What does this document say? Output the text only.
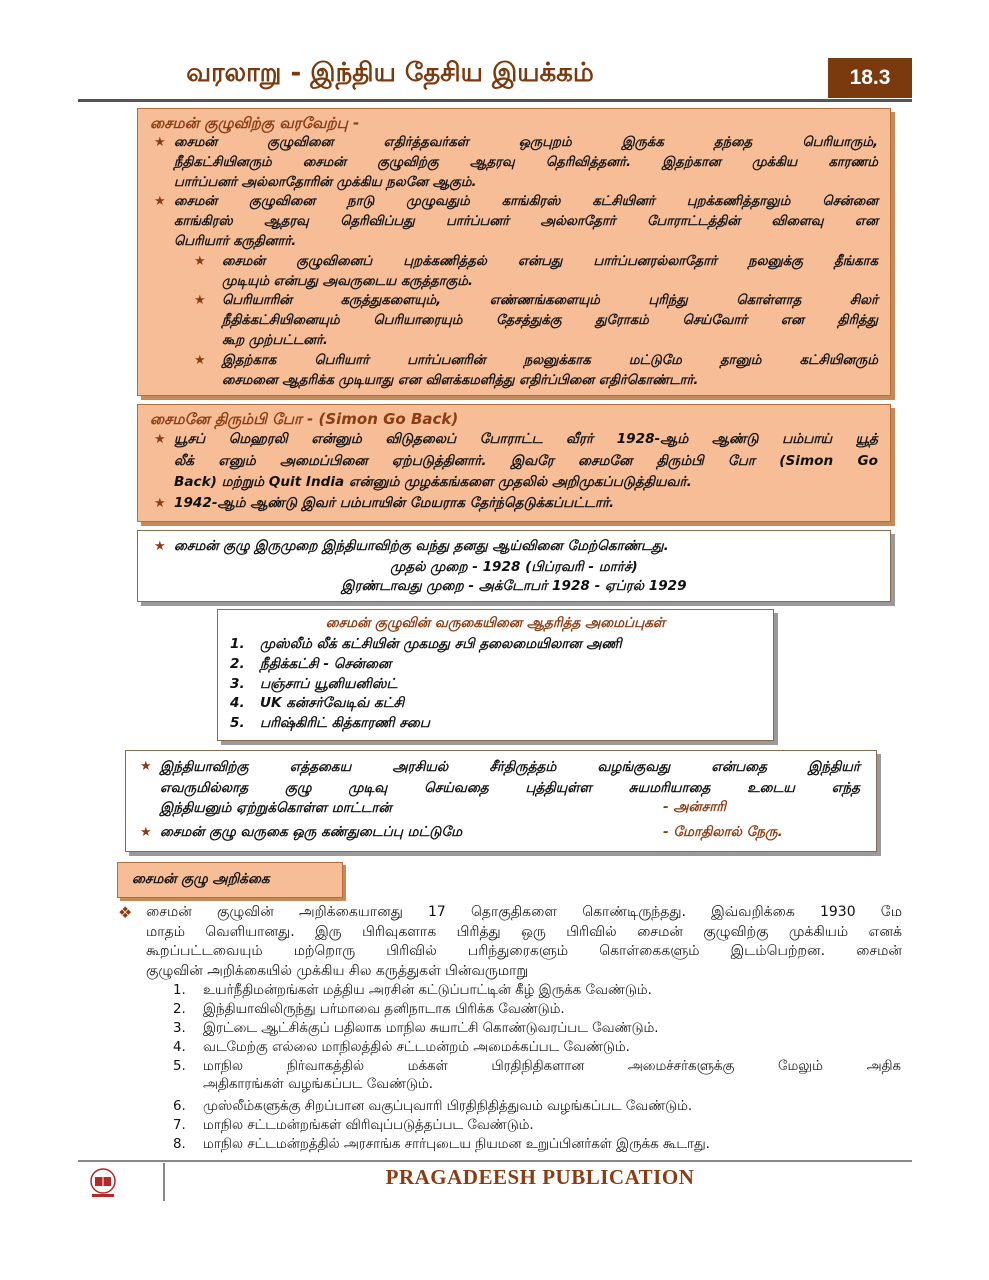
வரலாறு - இந்திய தேசிய இயக்கம்	18.3
சைமன் குழுவிற்கு வரவேற்பு -
★ சைமன் குழுவினை எதிர்த்தவர்கள் ஒருபுறம் இருக்க தந்தை பெரியாரும்,
நீதிகட்சியினரும் சைமன் குழுவிற்கு ஆதரவு தெரிவித்தனர். இதற்கான முக்கிய காரணம்
பார்ப்பனர் அல்லாதோரின் முக்கிய நலனே ஆகும்.
★ சைமன் குழுவினை நாடு முழுவதும் காங்கிரஸ் கட்சியினர் புறக்கணித்தாலும் சென்னை
காங்கிரஸ் ஆதரவு தெரிவிப்பது பார்ப்பனர் அல்லாதோர் போராட்டத்தின் விளைவு என
பெரியார் கருதினார்.
★ சைமன் குழுவினைப் புறக்கணித்தல் என்பது பார்ப்பனரல்லாதோர் நலனுக்கு தீங்காக
முடியும் என்பது அவருடைய கருத்தாகும்.
★ பெரியாரின் கருத்துகளையும், எண்ணங்களையும் புரிந்து கொள்ளாத சிலர்
நீதிக்கட்சியினையும் பெரியாரையும் தேசத்துக்கு துரோகம் செய்வோர் என திரித்து
கூற முற்பட்டனர்.
★ இதற்காக பெரியார் பார்ப்பனரின் நலனுக்காக மட்டுமே தானும் கட்சியினரும்
சைமனை ஆதரிக்க முடியாது என விளக்கமளித்து எதிர்ப்பினை எதிர்கொண்டார்.
சைமனே திரும்பி போ - (Simon Go Back)
★ யூசப் மெஹரலி என்னும் விடுதலைப் போராட்ட வீரர் 1928-ஆம் ஆண்டு பம்பாய் யூத்
லீக் எனும் அமைப்பினை ஏற்படுத்தினார். இவரே சைமனே திரும்பி போ (Simon Go
Back) மற்றும் Quit India என்னும் முழக்கங்களை முதலில் அறிமுகப்படுத்தியவர்.
★ 1942-ஆம் ஆண்டு இவர் பம்பாயின் மேயராக தேர்ந்தெடுக்கப்பட்டார்.
★ சைமன் குழு இருமுறை இந்தியாவிற்கு வந்து தனது ஆய்வினை மேற்கொண்டது.
முதல் முறை - 1928 (பிப்ரவரி - மார்ச்)
இரண்டாவது முறை - அக்டோபர் 1928 - ஏப்ரல் 1929
சைமன் குழுவின் வருகையினை ஆதரித்த அமைப்புகள்
1. முஸ்லீம் லீக் கட்சியின் முகமது சபி தலைமையிலான அணி
2. நீதிக்கட்சி - சென்னை
3. பஞ்சாப் யூனியனிஸ்ட்
4. UK கன்சர்வேடிவ் கட்சி
5. பரிஷ்கிரிட் கித்காரணி சபை
★ இந்தியாவிற்கு எத்தகைய அரசியல் சீர்திருத்தம் வழங்குவது என்பதை இந்தியர்
எவருமில்லாத குழு முடிவு செய்வதை புத்தியுள்ள சுயமரியாதை உடைய எந்த
இந்தியனும் ஏற்றுக்கொள்ள மாட்டான்	- அன்சாரி
★ சைமன் குழு வருகை ஒரு கண்துடைப்பு மட்டுமே	- மோதிலால் நேரு.
சைமன் குழு அறிக்கை
❖ சைமன் குழுவின் அறிக்கையானது 17 தொகுதிகளை கொண்டிருந்தது. இவ்வறிக்கை 1930 மே
மாதம் வெளியானது. இரு பிரிவுகளாக பிரித்து ஒரு பிரிவில் சைமன் குழுவிற்கு முக்கியம் எனக்
கூறப்பட்டவையும் மற்றொரு பிரிவில் பரிந்துரைகளும் கொள்கைகளும் இடம்பெற்றன. சைமன்
குழுவின் அறிக்கையில் முக்கிய சில கருத்துகள் பின்வருமாறு
1. உயர்நீதிமன்றங்கள் மத்திய அரசின் கட்டுப்பாட்டின் கீழ் இருக்க வேண்டும்.
2. இந்தியாவிலிருந்து பர்மாவை தனிநாடாக பிரிக்க வேண்டும்.
3. இரட்டை ஆட்சிக்குப் பதிலாக மாநில சுயாட்சி கொண்டுவரப்பட வேண்டும்.
4. வடமேற்கு எல்லை மாநிலத்தில் சட்டமன்றம் அமைக்கப்பட வேண்டும்.
5.	மாநில நிர்வாகத்தில் மக்கள் பிரதிநிதிகளான அமைச்சர்களுக்கு மேலும் அதிக
அதிகாரங்கள் வழங்கப்பட வேண்டும்.
6. முஸ்லீம்களுக்கு சிறப்பான வகுப்புவாரி பிரதிநிதித்துவம் வழங்கப்பட வேண்டும்.
7. மாநில சட்டமன்றங்கள் விரிவுப்படுத்தப்பட வேண்டும்.
8. மாநில சட்டமன்றத்தில் அரசாங்க சார்புடைய நியமன உறுப்பினர்கள் இருக்க கூடாது.
PRAGADEESH PUBLICATION
